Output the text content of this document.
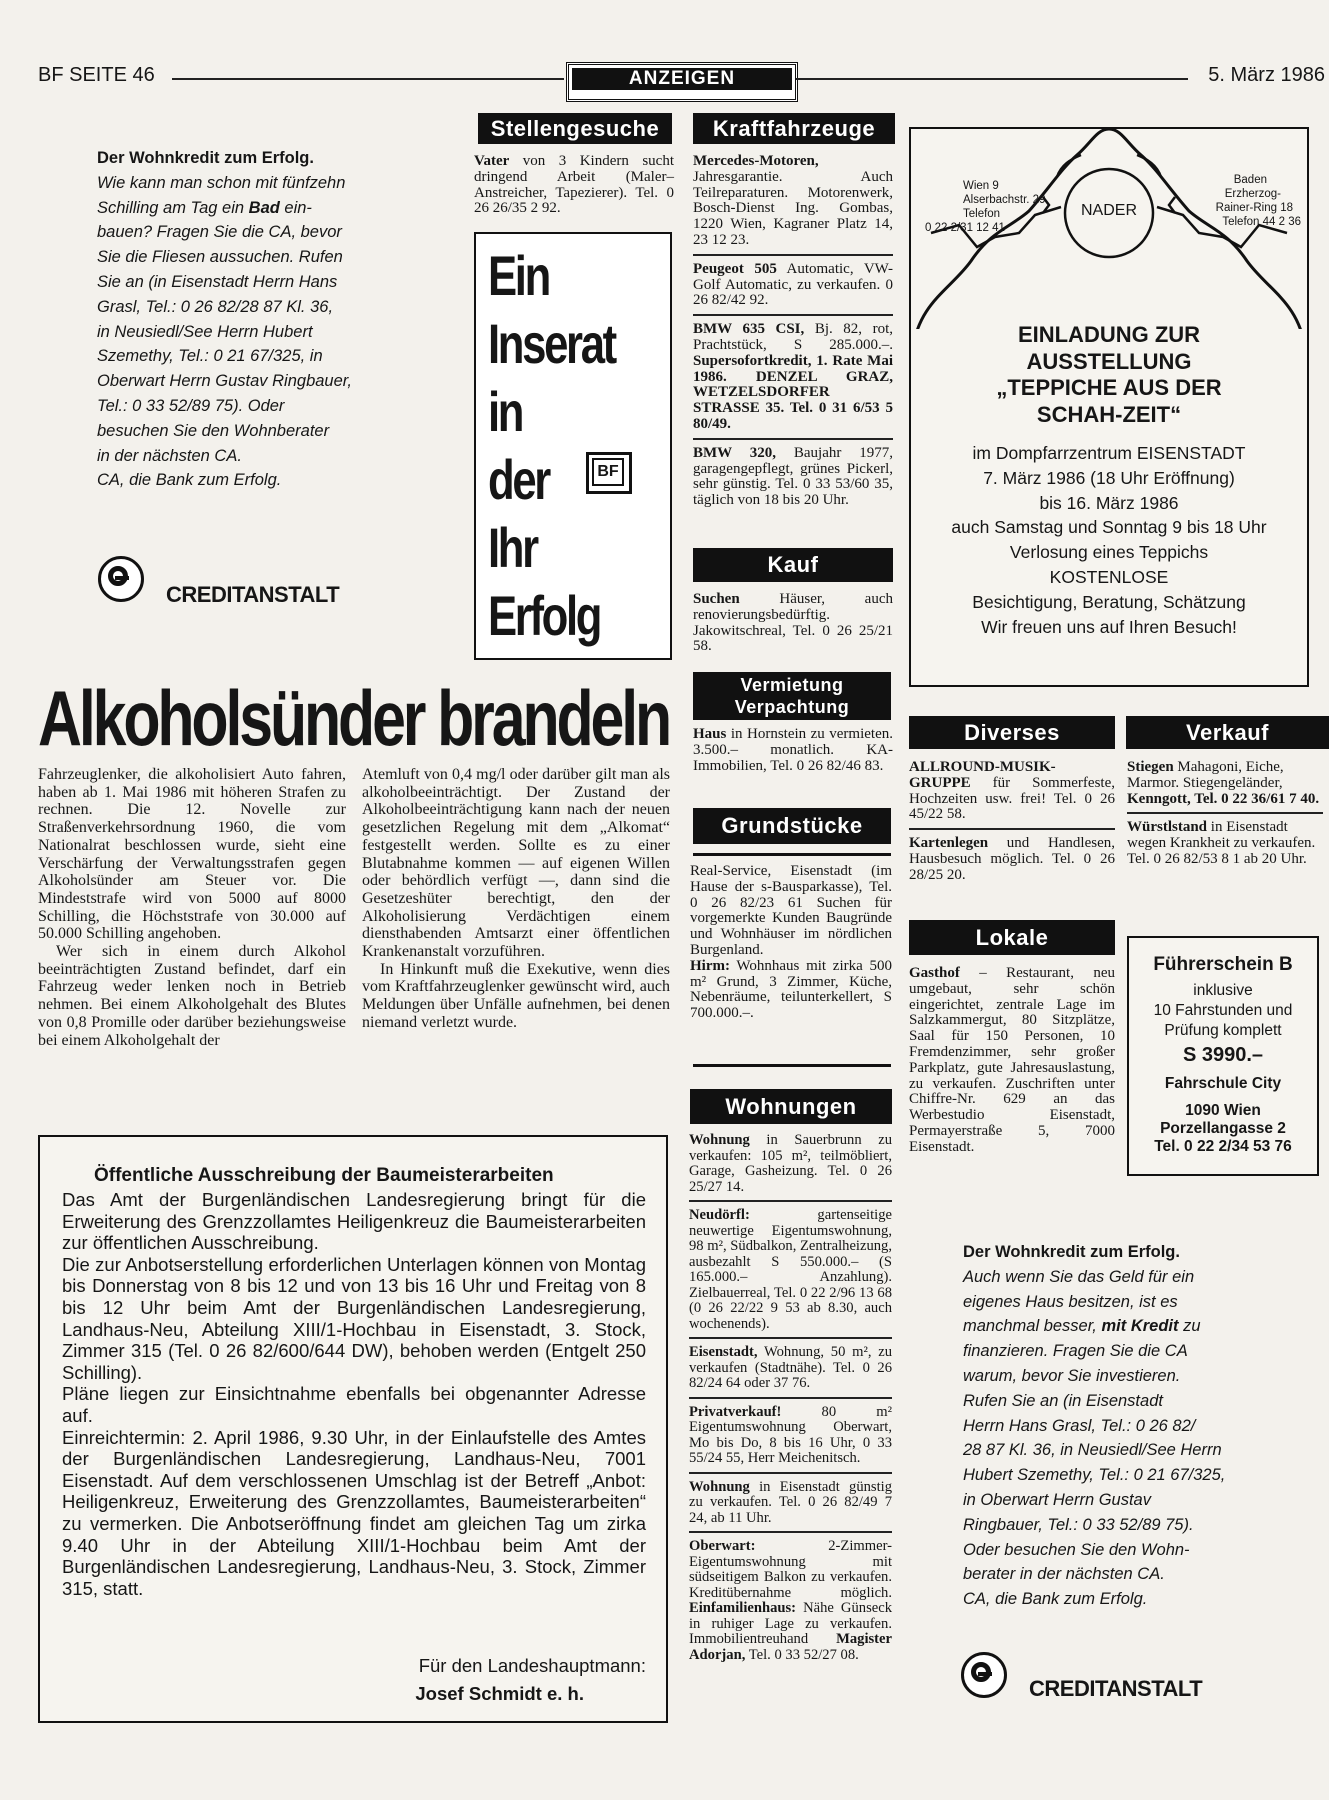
BF SEITE 46	ANZEIGEN	5. März 1986
Der Wohnkredit zum Erfolg.
Wie kann man schon mit fünfzehn
Schilling am Tag ein Bad ein-
bauen? Fragen Sie die CA, bevor
Sie die Fliesen aussuchen. Rufen
Sie an (in Eisenstadt Herrn Hans
Grasl, Tel.: 0 26 82/28 87 Kl. 36,
in Neusiedl/See Herrn Hubert
Szemethy, Tel.: 0 21 67/325, in
Oberwart Herrn Gustav Ringbauer,
Tel.: 0 33 52/89 75). Oder
besuchen Sie den Wohnberater
in der nächsten CA.
CA, die Bank zum Erfolg.
CREDITANSTALT
Stellengesuche

Vater von 3 Kindern sucht dringend Arbeit (Maler–Anstreicher, Tapezierer). Tel. 0 26 26/35 2 92.

Ein
Inserat
in
der
Ihr
Erfolg
BF
Kraftfahrzeuge
Mercedes-Motoren, Jahresgarantie. Auch Teilreparaturen. Motorenwerk, Bosch-Dienst Ing. Gombas, 1220 Wien, Kagraner Platz 14, 23 12 23.
Peugeot 505 Automatic, VW-Golf Automatic, zu verkaufen. 0 26 82/42 92.
BMW 635 CSI, Bj. 82, rot, Prachtstück, S 285.000.–. Supersofortkredit, 1. Rate Mai 1986. DENZEL GRAZ, WETZELSDORFER STRASSE 35. Tel. 0 31 6/53 5 80/49.
BMW 320, Baujahr 1977, garagengepflegt, grünes Pickerl, sehr günstig. Tel. 0 33 53/60 35, täglich von 18 bis 20 Uhr.
Kauf

Suchen Häuser, auch renovierungsbedürftig. Jakowitschreal, Tel. 0 26 25/21 58.

Vermietung
Verpachtung

Haus in Hornstein zu vermieten. 3.500.– monatlich. KA-Immobilien, Tel. 0 26 82/46 83.

Grundstücke

Real-Service, Eisenstadt (im Hause der s-Bausparkasse), Tel. 0 26 82/23 61 Suchen für vorgemerkte Kunden Baugründe und Wohnhäuser im nördlichen Burgenland.

Hirm: Wohnhaus mit zirka 500 m² Grund, 3 Zimmer, Küche, Nebenräume, teilunterkellert, S 700.000.–.

Wohnungen
Wohnung in Sauerbrunn zu verkaufen: 105 m², teilmöbliert, Garage, Gasheizung. Tel. 0 26 25/27 14.
Neudörfl: gartenseitige neuwertige Eigentumswohnung, 98 m², Südbalkon, Zentralheizung, ausbezahlt S 550.000.– (S 165.000.– Anzahlung). Zielbauerreal, Tel. 0 22 2/96 13 68 (0 26 22/22 9 53 ab 8.30, auch wochenends).
Eisenstadt, Wohnung, 50 m², zu verkaufen (Stadtnähe). Tel. 0 26 82/24 64 oder 37 76.
Privatverkauf! 80 m² Eigentumswohnung Oberwart, Mo bis Do, 8 bis 16 Uhr, 0 33 55/24 55, Herr Meichenitsch.
Wohnung in Eisenstadt günstig zu verkaufen. Tel. 0 26 82/49 7 24, ab 11 Uhr.
Oberwart: 2-Zimmer-Eigentumswohnung mit südseitigem Balkon zu verkaufen. Kreditübernahme möglich. Einfamilienhaus: Nähe Günseck in ruhiger Lage zu verkaufen. Immobilientreuhand Magister Adorjan, Tel. 0 33 52/27 08.
Wien 9
Alserbachstr. 29
Telefon
0 22 2/31 12 41
NADER
Baden
Erzherzog-
Rainer-Ring 18
Telefon 44 2 36
EINLADUNG ZUR
AUSSTELLUNG
„TEPPICHE AUS DER
SCHAH-ZEIT“
im Dompfarrzentrum EISENSTADT
7. März 1986 (18 Uhr Eröffnung)
bis 16. März 1986
auch Samstag und Sonntag 9 bis 18 Uhr
Verlosung eines Teppichs
KOSTENLOSE
Besichtigung, Beratung, Schätzung
Wir freuen uns auf Ihren Besuch!
Diverses
ALLROUND-MUSIK-GRUPPE für Sommerfeste, Hochzeiten usw. frei! Tel. 0 26 45/22 58.
Kartenlegen und Handlesen, Hausbesuch möglich. Tel. 0 26 28/25 20.
Verkauf
Stiegen Mahagoni, Eiche, Marmor. Stiegengeländer, Kenngott, Tel. 0 22 36/61 7 40.
Würstlstand in Eisenstadt wegen Krankheit zu verkaufen. Tel. 0 26 82/53 8 1 ab 20 Uhr.
Lokale

Gasthof – Restaurant, neu umgebaut, sehr schön eingerichtet, zentrale Lage im Salzkammergut, 80 Sitzplätze, Saal für 150 Personen, 10 Fremdenzimmer, sehr großer Parkplatz, gute Jahresauslastung, zu verkaufen. Zuschriften unter Chiffre-Nr. 629 an das Werbestudio Eisenstadt, Permayerstraße 5, 7000 Eisenstadt.

Führerschein B
inklusive
10 Fahrstunden und
Prüfung komplett
S 3990.–
Fahrschule City
1090 Wien
Porzellangasse 2
Tel. 0 22 2/34 53 76
Alkoholsünder brandeln

Fahrzeuglenker, die alkoholisiert Auto fahren, haben ab 1. Mai 1986 mit höheren Strafen zu rechnen. Die 12. Novelle zur Straßenverkehrsordnung 1960, die vom Nationalrat beschlossen wurde, sieht eine Verschärfung der Verwaltungsstrafen gegen Alkoholsünder am Steuer vor. Die Mindeststrafe wird von 5000 auf 8000 Schilling, die Höchststrafe von 30.000 auf 50.000 Schilling angehoben.

Wer sich in einem durch Alkohol beeinträchtigten Zustand befindet, darf ein Fahrzeug weder lenken noch in Betrieb nehmen. Bei einem Alkoholgehalt des Blutes von 0,8 Promille oder darüber beziehungsweise bei einem Alkoholgehalt der

Atemluft von 0,4 mg/l oder darüber gilt man als alkoholbeeinträchtigt. Der Zustand der Alkoholbeeinträchtigung kann nach der neuen gesetzlichen Regelung mit dem „Alkomat“ festgestellt werden. Sollte es zu einer Blutabnahme kommen — auf eigenen Willen oder behördlich verfügt —, dann sind die Gesetzeshüter berechtigt, den der Alkoholisierung Verdächtigen einem diensthabenden Amtsarzt einer öffentlichen Krankenanstalt vorzuführen.

In Hinkunft muß die Exekutive, wenn dies vom Kraftfahrzeuglenker gewünscht wird, auch Meldungen über Unfälle aufnehmen, bei denen niemand verletzt wurde.

Öffentliche Ausschreibung der Baumeisterarbeiten

Das Amt der Burgenländischen Landesregierung bringt für die Erweiterung des Grenzzollamtes Heiligenkreuz die Baumeisterarbeiten zur öffentlichen Ausschreibung.

Die zur Anbotserstellung erforderlichen Unterlagen können von Montag bis Donnerstag von 8 bis 12 und von 13 bis 16 Uhr und Freitag von 8 bis 12 Uhr beim Amt der Burgenländischen Landesregierung, Landhaus-Neu, Abteilung XIII/1-Hochbau in Eisenstadt, 3. Stock, Zimmer 315 (Tel. 0 26 82/600/644 DW), behoben werden (Entgelt 250 Schilling).

Pläne liegen zur Einsichtnahme ebenfalls bei obgenannter Adresse auf.

Einreichtermin: 2. April 1986, 9.30 Uhr, in der Einlaufstelle des Amtes der Burgenländischen Landesregierung, Landhaus-Neu, 7001 Eisenstadt. Auf dem verschlossenen Umschlag ist der Betreff „Anbot: Heiligenkreuz, Erweiterung des Grenzzollamtes, Baumeisterarbeiten“ zu vermerken. Die Anbotseröffnung findet am gleichen Tag um zirka 9.40 Uhr in der Abteilung XIII/1-Hochbau beim Amt der Burgenländischen Landesregierung, Landhaus-Neu, 3. Stock, Zimmer 315, statt.

Für den Landeshauptmann:
Josef Schmidt e. h.
Der Wohnkredit zum Erfolg.
Auch wenn Sie das Geld für ein
eigenes Haus besitzen, ist es
manchmal besser, mit Kredit zu
finanzieren. Fragen Sie die CA
warum, bevor Sie investieren.
Rufen Sie an (in Eisenstadt
Herrn Hans Grasl, Tel.: 0 26 82/
28 87 Kl. 36, in Neusiedl/See Herrn
Hubert Szemethy, Tel.: 0 21 67/325,
in Oberwart Herrn Gustav
Ringbauer, Tel.: 0 33 52/89 75).
Oder besuchen Sie den Wohn-
berater in der nächsten CA.
CA, die Bank zum Erfolg.
CREDITANSTALT
